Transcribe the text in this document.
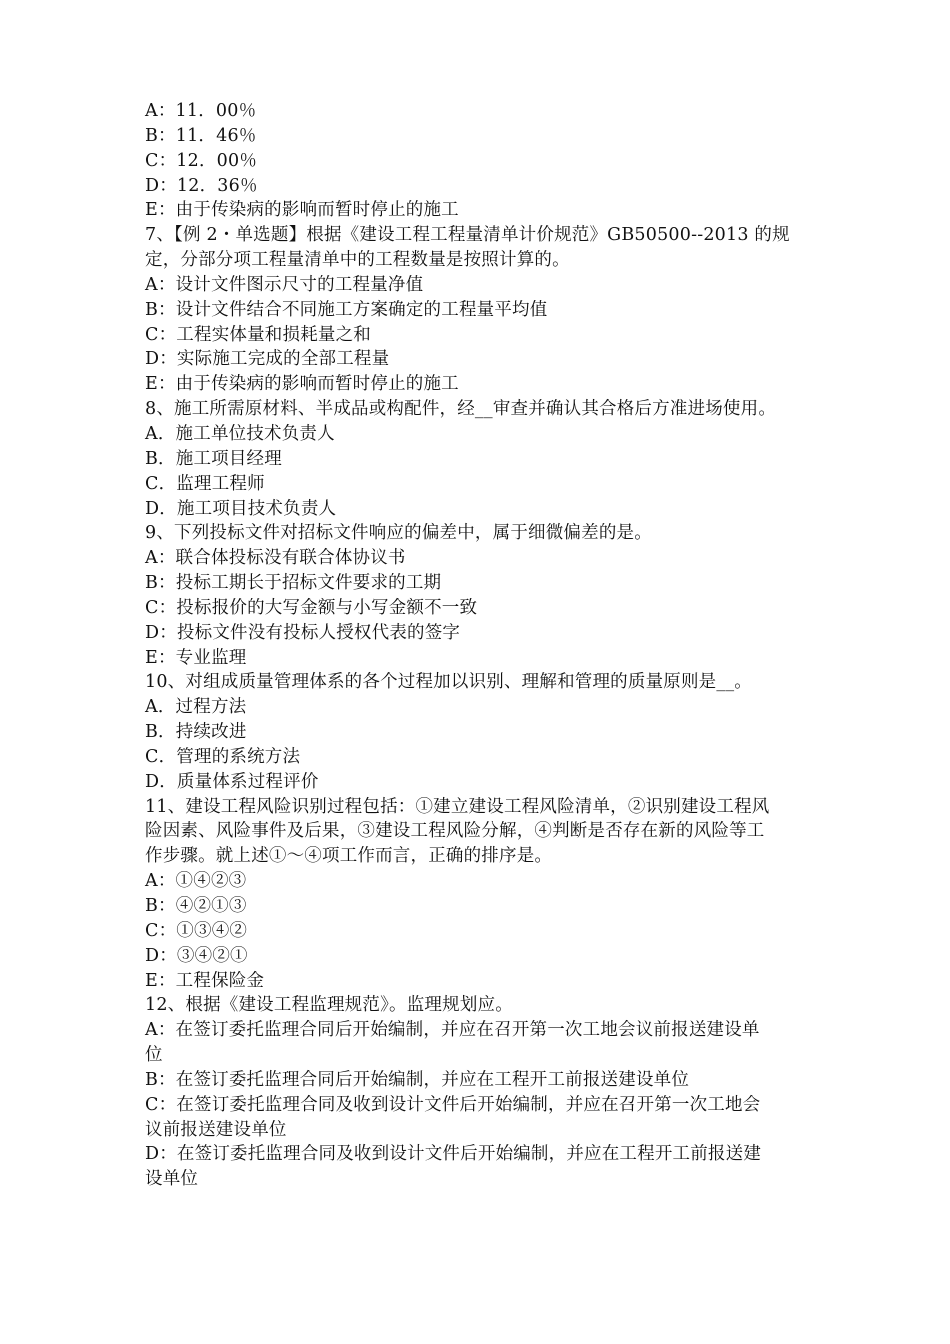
A：11．00％
B：11．46％
C：12．00％
D：12．36％
E：由于传染病的影响而暂时停止的施工
7、【例 2・单选题】根据《建设工程工程量清单计价规范》GB50500--2013 的规
定，分部分项工程量清单中的工程数量是按照计算的。
A：设计文件图示尺寸的工程量净值
B：设计文件结合不同施工方案确定的工程量平均值
C：工程实体量和损耗量之和
D：实际施工完成的全部工程量
E：由于传染病的影响而暂时停止的施工
8、施工所需原材料、半成品或构配件，经__审查并确认其合格后方准进场使用。
A．施工单位技术负责人
B．施工项目经理
C．监理工程师
D．施工项目技术负责人
9、下列投标文件对招标文件响应的偏差中，属于细微偏差的是。
A：联合体投标没有联合体协议书
B：投标工期长于招标文件要求的工期
C：投标报价的大写金额与小写金额不一致
D：投标文件没有投标人授权代表的签字
E：专业监理
10、对组成质量管理体系的各个过程加以识别、理解和管理的质量原则是__。
A．过程方法
B．持续改进
C．管理的系统方法
D．质量体系过程评价
11、建设工程风险识别过程包括：①建立建设工程风险清单，②识别建设工程风
险因素、风险事件及后果，③建设工程风险分解，④判断是否存在新的风险等工
作步骤。就上述①～④项工作而言，正确的排序是。
A：①④②③
B：④②①③
C：①③④②
D：③④②①
E：工程保险金
12、根据《建设工程监理规范》。监理规划应。
A：在签订委托监理合同后开始编制，并应在召开第一次工地会议前报送建设单
位
B：在签订委托监理合同后开始编制，并应在工程开工前报送建设单位
C：在签订委托监理合同及收到设计文件后开始编制，并应在召开第一次工地会
议前报送建设单位
D：在签订委托监理合同及收到设计文件后开始编制，并应在工程开工前报送建
设单位
